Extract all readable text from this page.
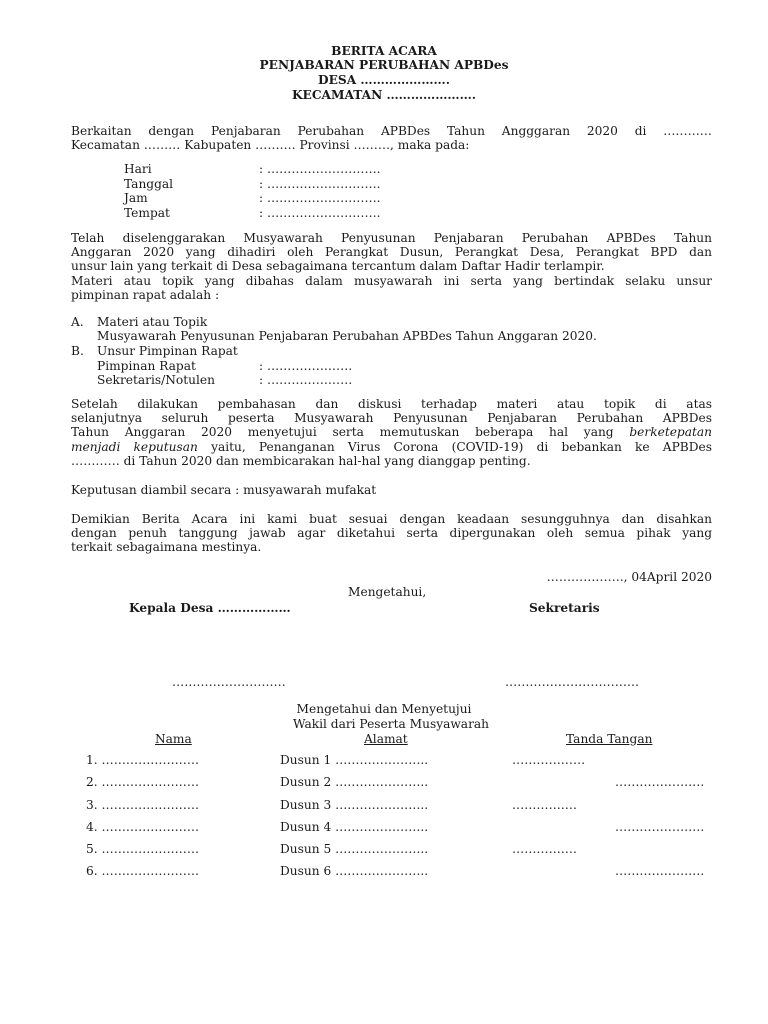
BERITA ACARA
PENJABARAN PERUBAHAN APBDes
DESA ………………….
KECAMATAN ………………….
Berkaitan dengan Penjabaran Perubahan APBDes Tahun Angggaran 2020 di …………
Kecamatan ……… Kabupaten ………. Provinsi ………, maka pada:
Hari	: ……………………….
Tanggal	: ……………………….
Jam	: ……………………….
Tempat	: ……………………….
Telah diselenggarakan Musyawarah Penyusunan Penjabaran Perubahan APBDes Tahun
Anggaran 2020 yang dihadiri oleh Perangkat Dusun, Perangkat Desa, Perangkat BPD dan
unsur lain yang terkait di Desa sebagaimana tercantum dalam Daftar Hadir terlampir.
Materi atau topik yang dibahas dalam musyawarah ini serta yang bertindak selaku unsur
pimpinan rapat adalah :
A. Materi atau Topik
Musyawarah Penyusunan Penjabaran Perubahan APBDes Tahun Anggaran 2020.
B. Unsur Pimpinan Rapat
Pimpinan Rapat	: …………………
Sekretaris/Notulen	: …………………
Setelah dilakukan pembahasan dan diskusi terhadap materi atau topik di atas
selanjutnya seluruh peserta Musyawarah Penyusunan Penjabaran Perubahan APBDes
Tahun Anggaran 2020 menyetujui serta memutuskan beberapa hal yang berketepatan
menjadi keputusan yaitu, Penanganan Virus Corona (COVID-19) di bebankan ke APBDes
………… di Tahun 2020 dan membicarakan hal-hal yang dianggap penting.
Keputusan diambil secara : musyawarah mufakat
Demikian Berita Acara ini kami buat sesuai dengan keadaan sesungguhnya dan disahkan
dengan penuh tanggung jawab agar diketahui serta dipergunakan oleh semua pihak yang
terkait sebagaimana mestinya.
………………., 04April 2020
Mengetahui,
Kepala Desa ………………	Sekretaris
……………………….	……………………………
Mengetahui dan Menyetujui
Wakil dari Peserta Musyawarah
Nama	Alamat	Tanda Tangan
1. ……………………	Dusun 1 …………………..	………………
2. ……………………	Dusun 2 …………………..	………………….
3. ……………………	Dusun 3 …………………..	…………….
4. ……………………	Dusun 4 …………………..	………………….
5. ……………………	Dusun 5 …………………..	…………….
6. ……………………	Dusun 6 …………………..	………………….
